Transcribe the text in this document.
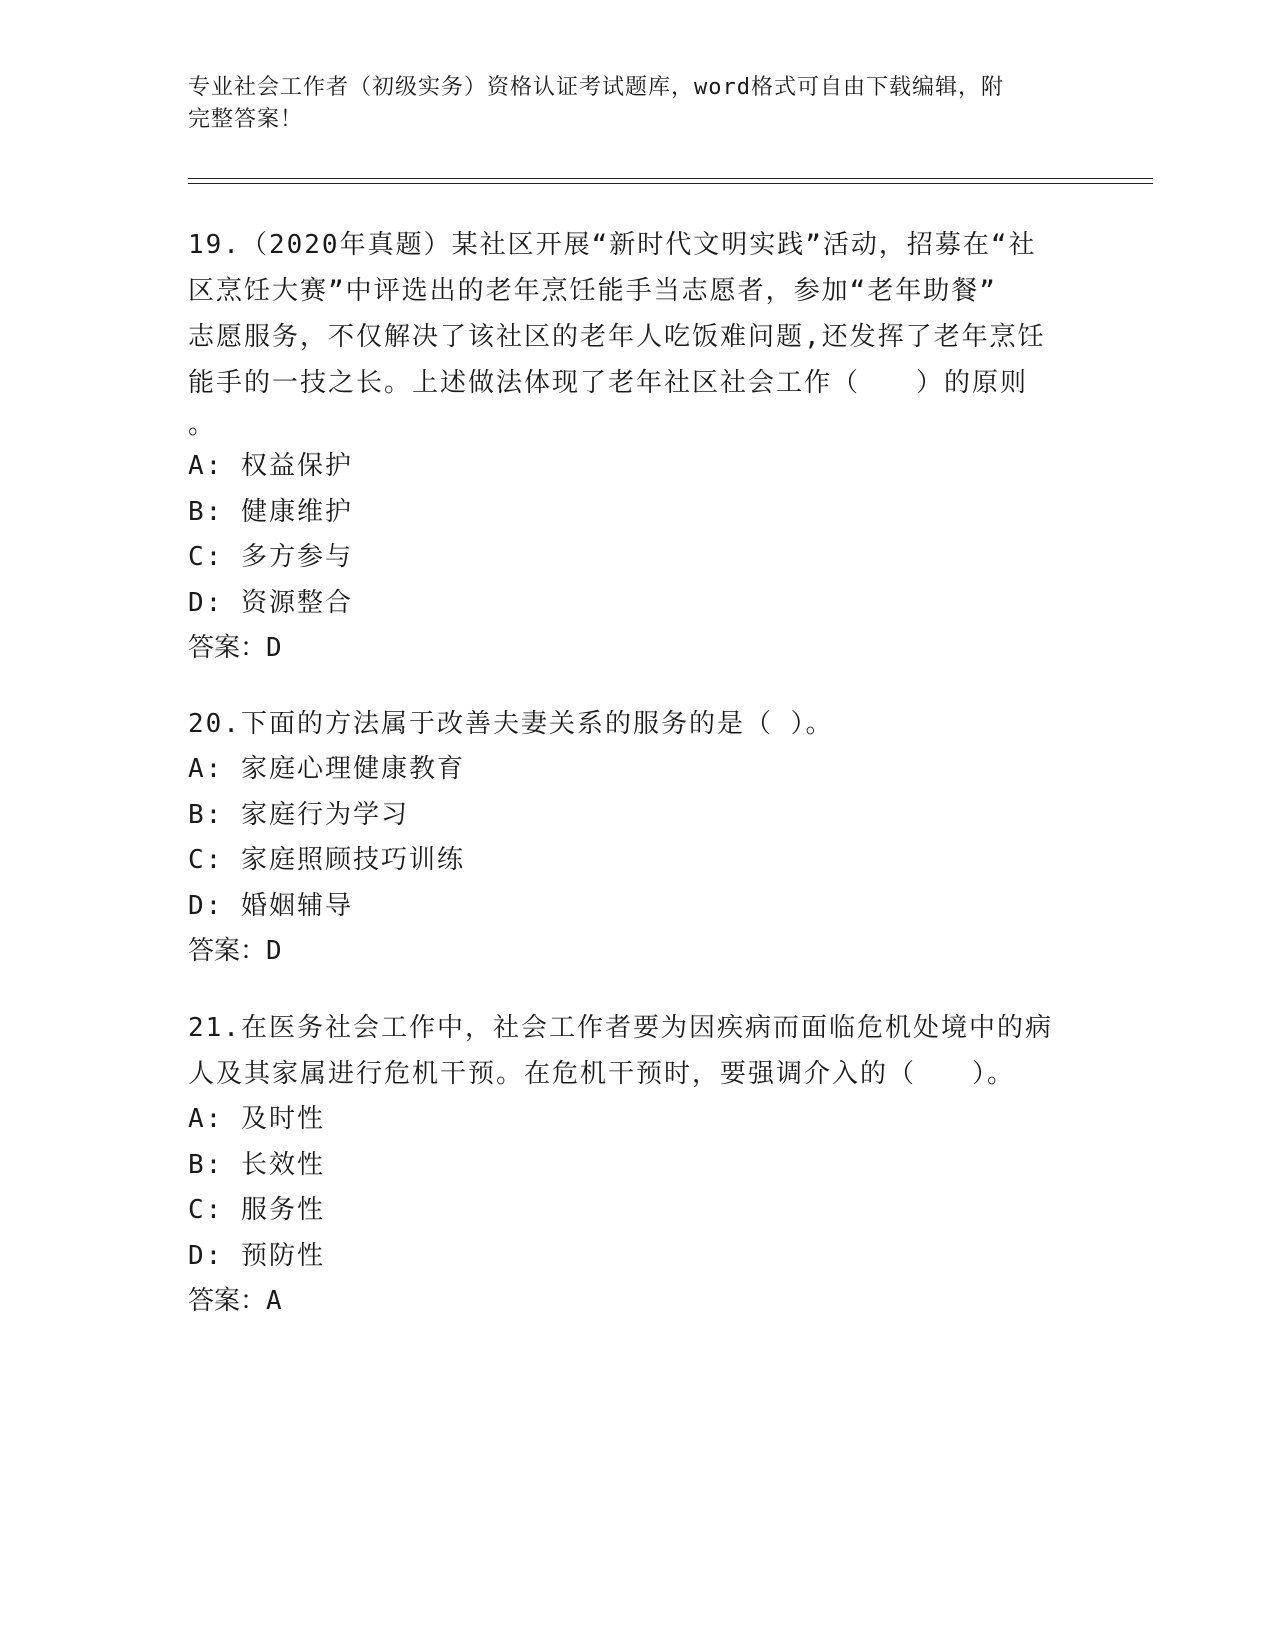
专业社会工作者（初级实务）资格认证考试题库，word格式可自由下载编辑，附
完整答案！
19.（2020年真题）某社区开展“新时代文明实践”活动，招募在“社
区烹饪大赛”中评选出的老年烹饪能手当志愿者，参加“老年助餐”
志愿服务，不仅解决了该社区的老年人吃饭难问题,还发挥了老年烹饪
能手的一技之长。上述做法体现了老年社区社会工作（　　）的原则
。
A: 权益保护
B: 健康维护
C: 多方参与
D: 资源整合
答案：D
20.下面的方法属于改善夫妻关系的服务的是（ ）。
A: 家庭心理健康教育
B: 家庭行为学习
C: 家庭照顾技巧训练
D: 婚姻辅导
答案：D
21.在医务社会工作中，社会工作者要为因疾病而面临危机处境中的病
人及其家属进行危机干预。在危机干预时，要强调介入的（　　）。
A: 及时性
B: 长效性
C: 服务性
D: 预防性
答案：A
